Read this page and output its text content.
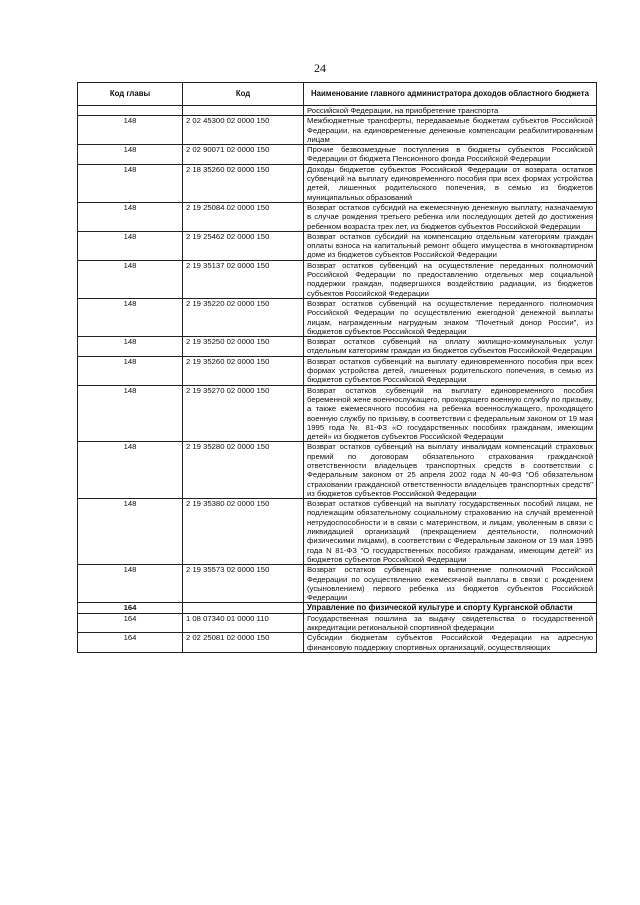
24
Код главы	Код	Наименование главного администратора доходов областного бюджета
		Российской Федерации, на приобретение транспорта
148	2 02 45300 02 0000 150	Межбюджетные трансферты, передаваемые бюджетам субъектов Российской Федерации, на единовременные денежные компенсации реабилитированным лицам
148	2 02 90071 02 0000 150	Прочие безвозмездные поступления в бюджеты субъектов Российской Федерации от бюджета Пенсионного фонда Российской Федерации
148	2 18 35260 02 0000 150	Доходы бюджетов субъектов Российской Федерации от возврата остатков субвенций на выплату единовременного пособия при всех формах устройства детей, лишенных родительского попечения, в семью из бюджетов муниципальных образований
148	2 19 25084 02 0000 150	Возврат остатков субсидий на ежемесячную денежную выплату, назначаемую в случае рождения третьего ребенка или последующих детей до достижения ребенком возраста трех лет, из бюджетов субъектов Российской Федерации
148	2 19 25462 02 0000 150	Возврат остатков субсидий на компенсацию отдельным категориям граждан оплаты взноса на капитальный ремонт общего имущества в многоквартирном доме из бюджетов субъектов Российской Федерации
148	2 19 35137 02 0000 150	Возврат остатков субвенций на осуществление переданных полномочий Российской Федерации по предоставлению отдельных мер социальной поддержки граждан, подвергшихся воздействию радиации, из бюджетов субъектов Российской Федерации
148	2 19 35220 02 0000 150	Возврат остатков субвенций на осуществление переданного полномочия Российской Федерации по осуществлению ежегодной денежной выплаты лицам, награжденным нагрудным знаком "Почетный донор России", из бюджетов субъектов Российской Федерации
148	2 19 35250 02 0000 150	Возврат остатков субвенций на оплату жилищно-коммунальных услуг отдельным категориям граждан из бюджетов субъектов Российской Федерации
148	2 19 35260 02 0000 150	Возврат остатков субвенций на выплату единовременного пособия при всех формах устройства детей, лишенных родительского попечения, в семью из бюджетов субъектов Российской Федерации
148	2 19 35270 02 0000 150	Возврат остатков субвенций на выплату единовременного пособия беременной жене военнослужащего, проходящего военную службу по призыву, а также ежемесячного пособия на ребенка военнослужащего, проходящего военную службу по призыву, в соответствии с федеральным законом от 19 мая 1995 года № 81-ФЗ «О государственных пособиях гражданам, имеющим детей» из бюджетов субъектов Российской Федерации
148	2 19 35280 02 0000 150	Возврат остатков субвенций на выплату инвалидам компенсаций страховых премий по договорам обязательного страхования гражданской ответственности владельцев транспортных средств в соответствии с Федеральным законом от 25 апреля 2002 года N 40-ФЗ "Об обязательном страховании гражданской ответственности владельцев транспортных средств" из бюджетов субъектов Российской Федерации
148	2 19 35380 02 0000 150	Возврат остатков субвенций на выплату государственных пособий лицам, не подлежащим обязательному социальному страхованию на случай временной нетрудоспособности и в связи с материнством, и лицам, уволенным в связи с ликвидацией организаций (прекращением деятельности, полномочий физическими лицами), в соответствии с Федеральным законом от 19 мая 1995 года N 81-ФЗ "О государственных пособиях гражданам, имеющим детей" из бюджетов субъектов Российской Федерации
148	2 19 35573 02 0000 150	Возврат остатков субвенций на выполнение полномочий Российской Федерации по осуществлению ежемесячной выплаты в связи с рождением (усыновлением) первого ребенка из бюджетов субъектов Российской Федерации
164		Управление по физической культуре и спорту Курганской области
164	1 08 07340 01 0000 110	Государственная пошлина за выдачу свидетельства о государственной аккредитации региональной спортивной федерации
164	2 02 25081 02 0000 150	Субсидии бюджетам субъектов Российской Федерации на адресную финансовую поддержку спортивных организаций, осуществляющих
